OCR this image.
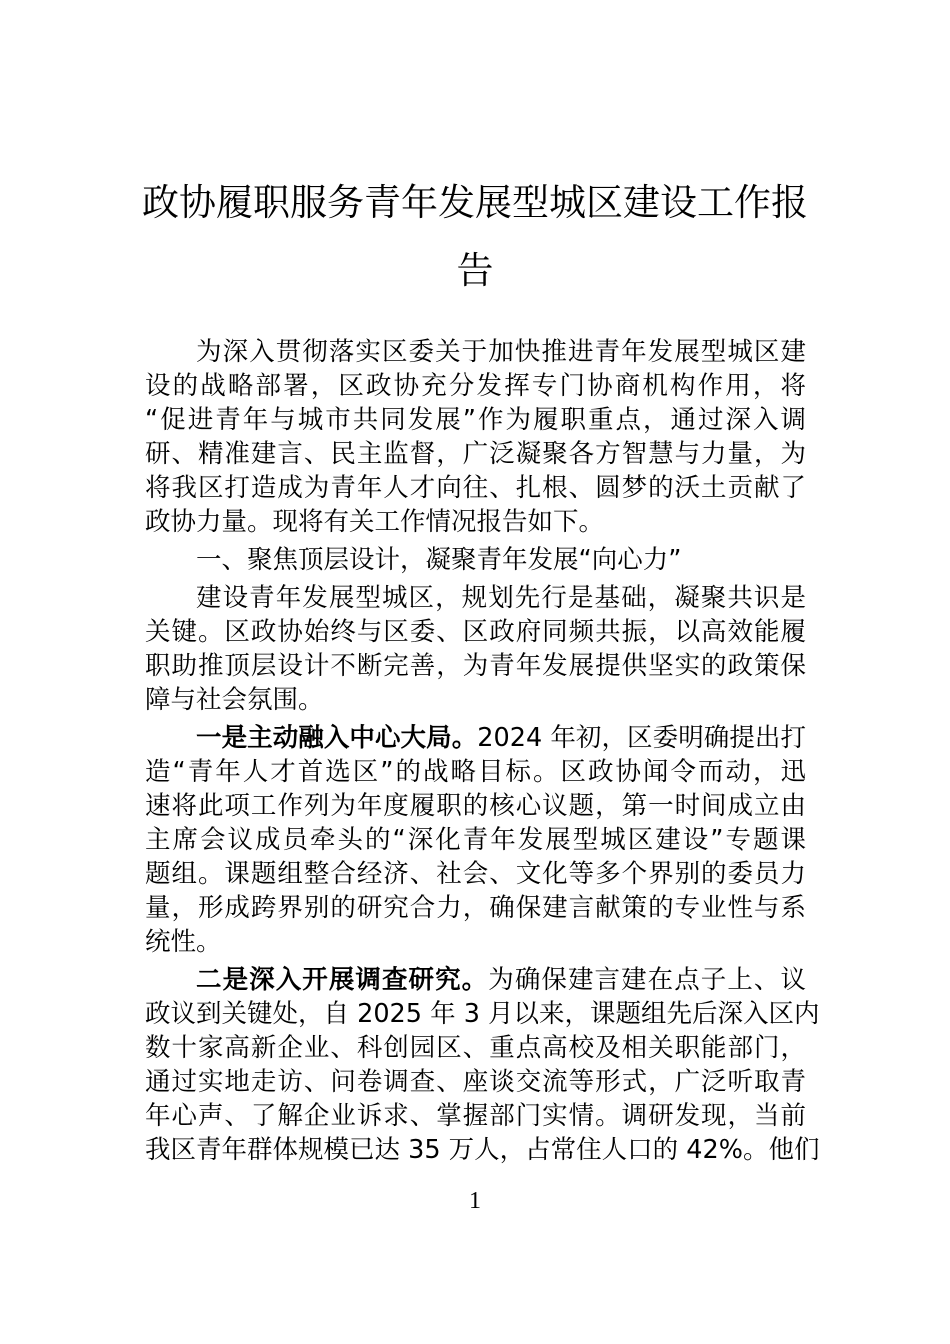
政协履职服务青年发展型城区建设工作报
告
为深入贯彻落实区委关于加快推进青年发展型城区建
设的战略部署，区政协充分发挥专门协商机构作用，将
“促进青年与城市共同发展”作为履职重点，通过深入调
研、精准建言、民主监督，广泛凝聚各方智慧与力量，为
将我区打造成为青年人才向往、扎根、圆梦的沃土贡献了
政协力量。现将有关工作情况报告如下。
一、聚焦顶层设计，凝聚青年发展“向心力”
建设青年发展型城区，规划先行是基础，凝聚共识是
关键。区政协始终与区委、区政府同频共振，以高效能履
职助推顶层设计不断完善，为青年发展提供坚实的政策保
障与社会氛围。
一是主动融入中心大局。2024 年初，区委明确提出打
造“青年人才首选区”的战略目标。区政协闻令而动，迅
速将此项工作列为年度履职的核心议题，第一时间成立由
主席会议成员牵头的“深化青年发展型城区建设”专题课
题组。课题组整合经济、社会、文化等多个界别的委员力
量，形成跨界别的研究合力，确保建言献策的专业性与系
统性。
二是深入开展调查研究。为确保建言建在点子上、议
政议到关键处，自 2025 年 3 月以来，课题组先后深入区内
数十家高新企业、科创园区、重点高校及相关职能部门，
通过实地走访、问卷调查、座谈交流等形式，广泛听取青
年心声、了解企业诉求、掌握部门实情。调研发现，当前
我区青年群体规模已达 35 万人，占常住人口的 42%。他们
1
